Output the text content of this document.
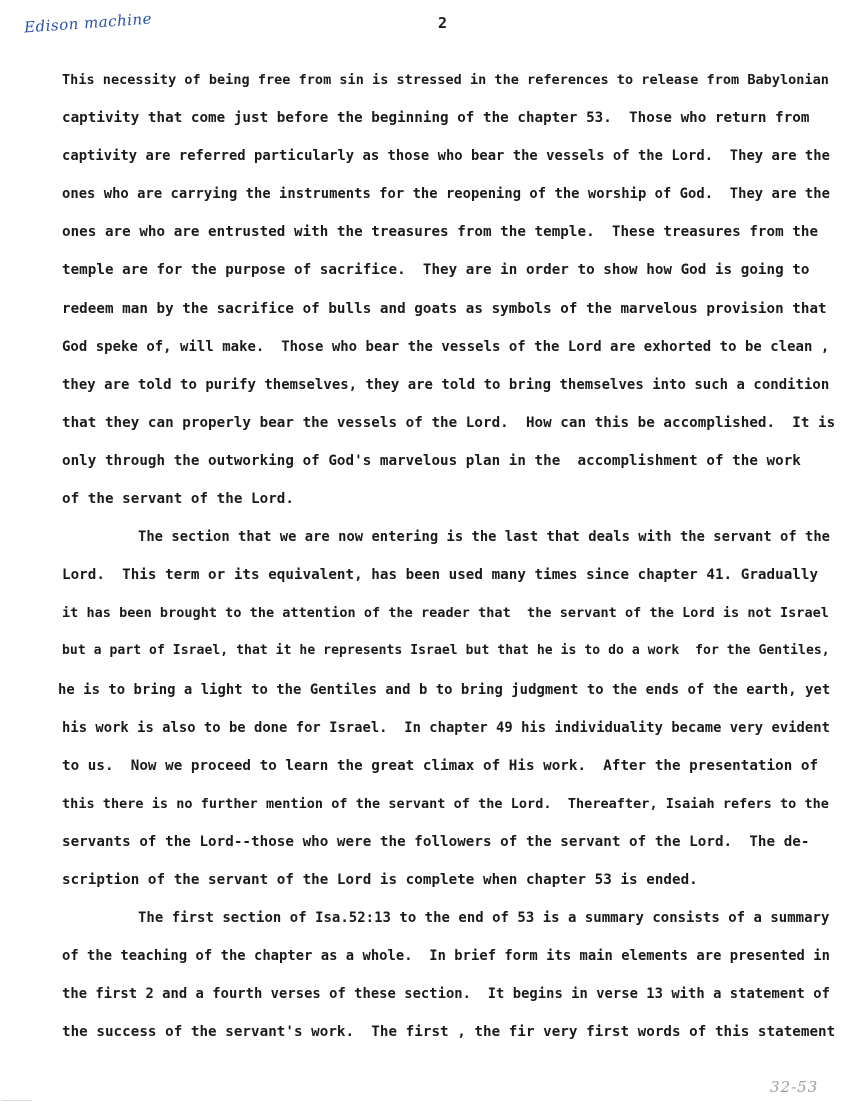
Edison machine	2
This necessity of being free from sin is stressed in the references to release from Babylonian
captivity that come just before the beginning of the chapter 53.  Those who return from
captivity are referred particularly as those who bear the vessels of the Lord.  They are the
ones who are carrying the instruments for the reopening of the worship of God.  They are the
ones are who are entrusted with the treasures from the temple.  These treasures from the
temple are for the purpose of sacrifice.  They are in order to show how God is going to
redeem man by the sacrifice of bulls and goats as symbols of the marvelous provision that
God speke of, will make.  Those who bear the vessels of the Lord are exhorted to be clean ,
they are told to purify themselves, they are told to bring themselves into such a condition
that they can properly bear the vessels of the Lord.  How can this be accomplished.  It is
only through the outworking of God's marvelous plan in the  accomplishment of the work
of the servant of the Lord.
The section that we are now entering is the last that deals with the servant of the
Lord.  This term or its equivalent, has been used many times since chapter 41. Gradually
it has been brought to the attention of the reader that  the servant of the Lord is not Israel
but a part of Israel, that it he represents Israel but that he is to do a work  for the Gentiles,
he is to bring a light to the Gentiles and b to bring judgment to the ends of the earth, yet
his work is also to be done for Israel.  In chapter 49 his individuality became very evident
to us.  Now we proceed to learn the great climax of His work.  After the presentation of
this there is no further mention of the servant of the Lord.  Thereafter, Isaiah refers to the
servants of the Lord--those who were the followers of the servant of the Lord.  The de-
scription of the servant of the Lord is complete when chapter 53 is ended.
The first section of Isa.52:13 to the end of 53 is a summary consists of a summary
of the teaching of the chapter as a whole.  In brief form its main elements are presented in
the first 2 and a fourth verses of these section.  It begins in verse 13 with a statement of
the success of the servant's work.  The first , the fir very first words of this statement
32-53
